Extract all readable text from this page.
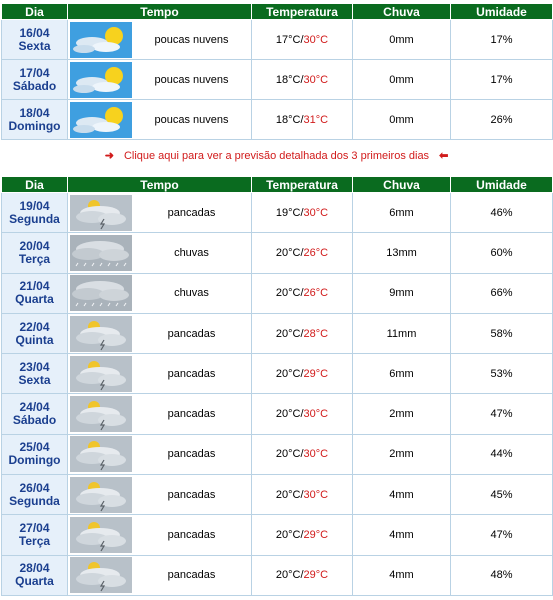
Dia	Tempo	Temperatura	Chuva	Umidade

16/04
Sexta	poucas nuvens	17°C/30°C	0mm	17%

17/04
Sábado	poucas nuvens	18°C/30°C	0mm	17%

18/04
Domingo	poucas nuvens	18°C/31°C	0mm	26%
➜ Clique aqui para ver a previsão detalhada dos 3 primeiros dias ⬅
Dia	Tempo	Temperatura	Chuva	Umidade

19/04
Segunda	pancadas	19°C/30°C	6mm	46%

20/04
Terça	chuvas	20°C/26°C	13mm	60%

21/04
Quarta	chuvas	20°C/26°C	9mm	66%

22/04
Quinta	pancadas	20°C/28°C	11mm	58%

23/04
Sexta	pancadas	20°C/29°C	6mm	53%

24/04
Sábado	pancadas	20°C/30°C	2mm	47%

25/04
Domingo	pancadas	20°C/30°C	2mm	44%

26/04
Segunda	pancadas	20°C/30°C	4mm	45%

27/04
Terça	pancadas	20°C/29°C	4mm	47%

28/04
Quarta	pancadas	20°C/29°C	4mm	48%
